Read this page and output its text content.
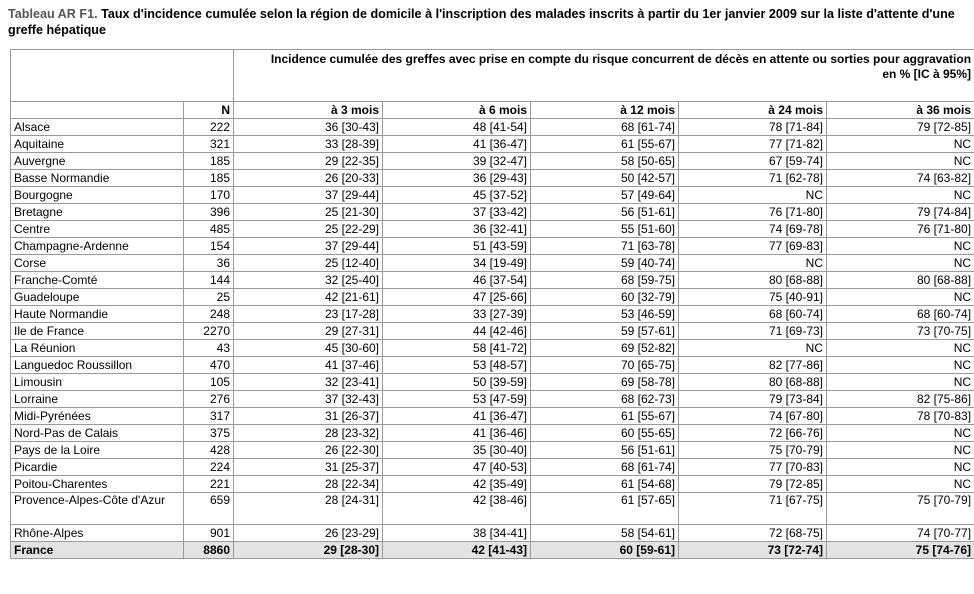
Tableau AR F1. Taux d'incidence cumulée selon la région de domicile à l'inscription des malades inscrits à partir du 1er janvier 2009 sur la liste d'attente d'une greffe hépatique

		Incidence cumulée des greffes avec prise en compte du risque concurrent de décès en attente ou sorties pour aggravation
en % [IC à 95%]				

	N	à 3 mois	à 6 mois	à 12 mois	à 24 mois	à 36 mois
Alsace	222	36 [30-43]	48 [41-54]	68 [61-74]	78 [71-84]	79 [72-85]
Aquitaine	321	33 [28-39]	41 [36-47]	61 [55-67]	77 [71-82]	NC
Auvergne	185	29 [22-35]	39 [32-47]	58 [50-65]	67 [59-74]	NC
Basse Normandie	185	26 [20-33]	36 [29-43]	50 [42-57]	71 [62-78]	74 [63-82]
Bourgogne	170	37 [29-44]	45 [37-52]	57 [49-64]	NC	NC
Bretagne	396	25 [21-30]	37 [33-42]	56 [51-61]	76 [71-80]	79 [74-84]
Centre	485	25 [22-29]	36 [32-41]	55 [51-60]	74 [69-78]	76 [71-80]
Champagne-Ardenne	154	37 [29-44]	51 [43-59]	71 [63-78]	77 [69-83]	NC
Corse	36	25 [12-40]	34 [19-49]	59 [40-74]	NC	NC
Franche-Comté	144	32 [25-40]	46 [37-54]	68 [59-75]	80 [68-88]	80 [68-88]
Guadeloupe	25	42 [21-61]	47 [25-66]	60 [32-79]	75 [40-91]	NC
Haute Normandie	248	23 [17-28]	33 [27-39]	53 [46-59]	68 [60-74]	68 [60-74]
Ile de France	2270	29 [27-31]	44 [42-46]	59 [57-61]	71 [69-73]	73 [70-75]
La Réunion	43	45 [30-60]	58 [41-72]	69 [52-82]	NC	NC
Languedoc Roussillon	470	41 [37-46]	53 [48-57]	70 [65-75]	82 [77-86]	NC
Limousin	105	32 [23-41]	50 [39-59]	69 [58-78]	80 [68-88]	NC
Lorraine	276	37 [32-43]	53 [47-59]	68 [62-73]	79 [73-84]	82 [75-86]
Midi-Pyrénées	317	31 [26-37]	41 [36-47]	61 [55-67]	74 [67-80]	78 [70-83]
Nord-Pas de Calais	375	28 [23-32]	41 [36-46]	60 [55-65]	72 [66-76]	NC
Pays de la Loire	428	26 [22-30]	35 [30-40]	56 [51-61]	75 [70-79]	NC
Picardie	224	31 [25-37]	47 [40-53]	68 [61-74]	77 [70-83]	NC
Poitou-Charentes	221	28 [22-34]	42 [35-49]	61 [54-68]	79 [72-85]	NC
Provence-Alpes-Côte d'Azur	659	28 [24-31]	42 [38-46]	61 [57-65]	71 [67-75]	75 [70-79]
Rhône-Alpes	901	26 [23-29]	38 [34-41]	58 [54-61]	72 [68-75]	74 [70-77]
France	8860	29 [28-30]	42 [41-43]	60 [59-61]	73 [72-74]	75 [74-76]
